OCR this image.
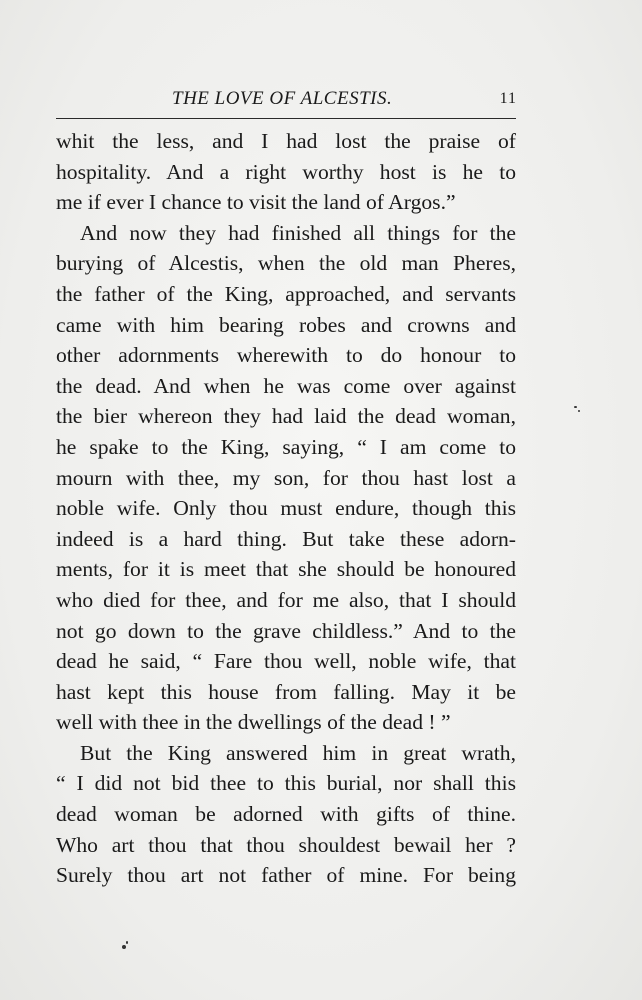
THE LOVE OF ALCESTIS.	11
whit the less, and I had lost the praise of
hospitality. And a right worthy host is he to
me if ever I chance to visit the land of Argos.”
And now they had finished all things for the
burying of Alcestis, when the old man Pheres,
the father of the King, approached, and servants
came with him bearing robes and crowns and
other adornments wherewith to do honour to
the dead. And when he was come over against
the bier whereon they had laid the dead woman,
he spake to the King, saying, “ I am come to
mourn with thee, my son, for thou hast lost a
noble wife. Only thou must endure, though this
indeed is a hard thing. But take these adorn-
ments, for it is meet that she should be honoured
who died for thee, and for me also, that I should
not go down to the grave childless.” And to the
dead he said, “ Fare thou well, noble wife, that
hast kept this house from falling. May it be
well with thee in the dwellings of the dead ! ”
But the King answered him in great wrath,
“ I did not bid thee to this burial, nor shall this
dead woman be adorned with gifts of thine.
Who art thou that thou shouldest bewail her ?
Surely thou art not father of mine. For being
